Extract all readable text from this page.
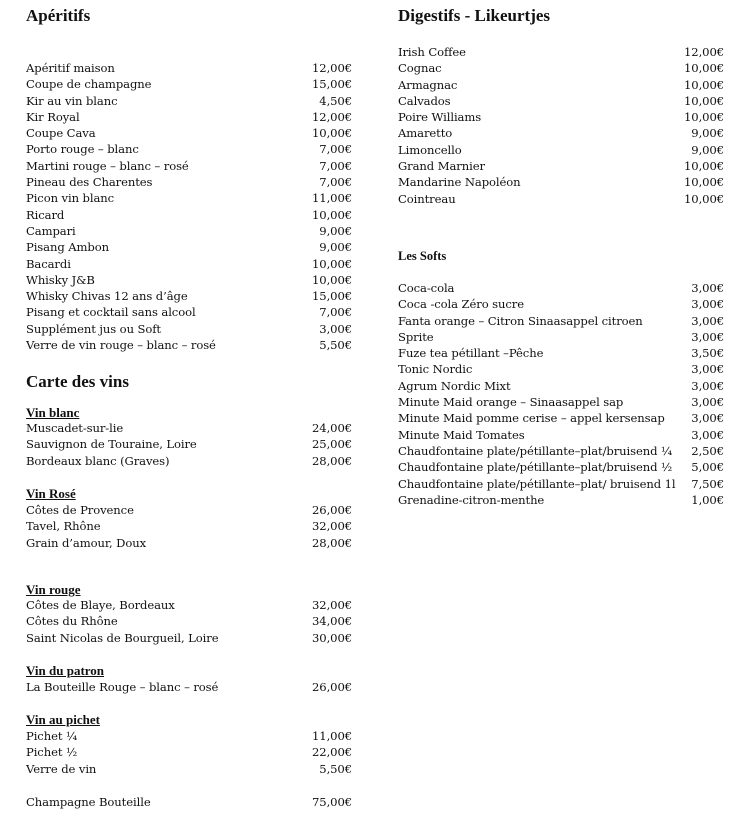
Apéritifs
Apéritif maison	12,00€
Coupe de champagne	15,00€
Kir au vin blanc	4,50€
Kir Royal	12,00€
Coupe Cava	10,00€
Porto rouge – blanc	7,00€
Martini rouge – blanc – rosé	7,00€
Pineau des Charentes	7,00€
Picon vin blanc	11,00€
Ricard	10,00€
Campari	9,00€
Pisang Ambon	9,00€
Bacardi	10,00€
Whisky J&B	10,00€
Whisky Chivas 12 ans d’âge	15,00€
Pisang et cocktail sans alcool	7,00€
Supplément jus ou Soft	3,00€
Verre de vin rouge – blanc – rosé	5,50€
Carte des vins
Vin blanc
Muscadet-sur-lie	24,00€
Sauvignon de Touraine, Loire	25,00€
Bordeaux blanc (Graves)	28,00€
Vin Rosé
Côtes de Provence	26,00€
Tavel, Rhône	32,00€
Grain d’amour, Doux	28,00€
Vin rouge
Côtes de Blaye, Bordeaux	32,00€
Côtes du Rhône	34,00€
Saint Nicolas de Bourgueil, Loire	30,00€
Vin du patron
La Bouteille Rouge – blanc – rosé	26,00€
Vin au pichet
Pichet ¼	11,00€
Pichet ½	22,00€
Verre de vin	5,50€
Champagne Bouteille	75,00€
Digestifs - Likeurtjes
Irish Coffee	12,00€
Cognac	10,00€
Armagnac	10,00€
Calvados	10,00€
Poire Williams	10,00€
Amaretto	9,00€
Limoncello	9,00€
Grand Marnier	10,00€
Mandarine Napoléon	10,00€
Cointreau	10,00€
Les Softs
Coca-cola	3,00€
Coca -cola Zéro sucre	3,00€
Fanta orange – Citron Sinaasappel citroen	3,00€
Sprite	3,00€
Fuze tea pétillant –Pêche	3,50€
Tonic Nordic	3,00€
Agrum Nordic Mixt	3,00€
Minute Maid orange – Sinaasappel sap	3,00€
Minute Maid pomme cerise – appel kersensap	3,00€
Minute Maid Tomates	3,00€
Chaudfontaine plate/pétillante–plat/bruisend ¼	2,50€
Chaudfontaine plate/pétillante–plat/bruisend ½	5,00€
Chaudfontaine plate/pétillante–plat/ bruisend 1l	7,50€
Grenadine-citron-menthe	1,00€
